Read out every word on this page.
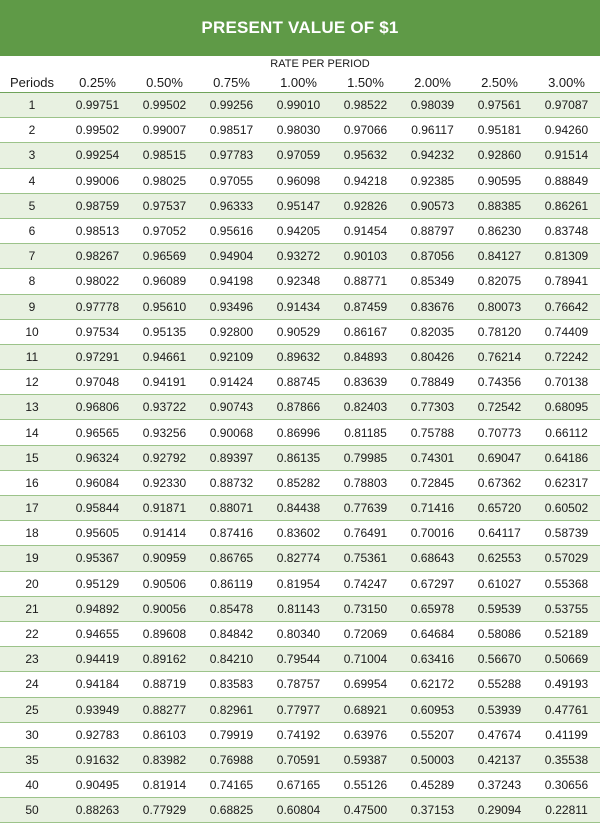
PRESENT VALUE OF $1
RATE PER PERIOD
Periods	0.25%	0.50%	0.75%	1.00%	1.50%	2.00%	2.50%	3.00%
1	0.99751	0.99502	0.99256	0.99010	0.98522	0.98039	0.97561	0.97087
2	0.99502	0.99007	0.98517	0.98030	0.97066	0.96117	0.95181	0.94260
3	0.99254	0.98515	0.97783	0.97059	0.95632	0.94232	0.92860	0.91514
4	0.99006	0.98025	0.97055	0.96098	0.94218	0.92385	0.90595	0.88849
5	0.98759	0.97537	0.96333	0.95147	0.92826	0.90573	0.88385	0.86261
6	0.98513	0.97052	0.95616	0.94205	0.91454	0.88797	0.86230	0.83748
7	0.98267	0.96569	0.94904	0.93272	0.90103	0.87056	0.84127	0.81309
8	0.98022	0.96089	0.94198	0.92348	0.88771	0.85349	0.82075	0.78941
9	0.97778	0.95610	0.93496	0.91434	0.87459	0.83676	0.80073	0.76642
10	0.97534	0.95135	0.92800	0.90529	0.86167	0.82035	0.78120	0.74409
11	0.97291	0.94661	0.92109	0.89632	0.84893	0.80426	0.76214	0.72242
12	0.97048	0.94191	0.91424	0.88745	0.83639	0.78849	0.74356	0.70138
13	0.96806	0.93722	0.90743	0.87866	0.82403	0.77303	0.72542	0.68095
14	0.96565	0.93256	0.90068	0.86996	0.81185	0.75788	0.70773	0.66112
15	0.96324	0.92792	0.89397	0.86135	0.79985	0.74301	0.69047	0.64186
16	0.96084	0.92330	0.88732	0.85282	0.78803	0.72845	0.67362	0.62317
17	0.95844	0.91871	0.88071	0.84438	0.77639	0.71416	0.65720	0.60502
18	0.95605	0.91414	0.87416	0.83602	0.76491	0.70016	0.64117	0.58739
19	0.95367	0.90959	0.86765	0.82774	0.75361	0.68643	0.62553	0.57029
20	0.95129	0.90506	0.86119	0.81954	0.74247	0.67297	0.61027	0.55368
21	0.94892	0.90056	0.85478	0.81143	0.73150	0.65978	0.59539	0.53755
22	0.94655	0.89608	0.84842	0.80340	0.72069	0.64684	0.58086	0.52189
23	0.94419	0.89162	0.84210	0.79544	0.71004	0.63416	0.56670	0.50669
24	0.94184	0.88719	0.83583	0.78757	0.69954	0.62172	0.55288	0.49193
25	0.93949	0.88277	0.82961	0.77977	0.68921	0.60953	0.53939	0.47761
30	0.92783	0.86103	0.79919	0.74192	0.63976	0.55207	0.47674	0.41199
35	0.91632	0.83982	0.76988	0.70591	0.59387	0.50003	0.42137	0.35538
40	0.90495	0.81914	0.74165	0.67165	0.55126	0.45289	0.37243	0.30656
50	0.88263	0.77929	0.68825	0.60804	0.47500	0.37153	0.29094	0.22811
